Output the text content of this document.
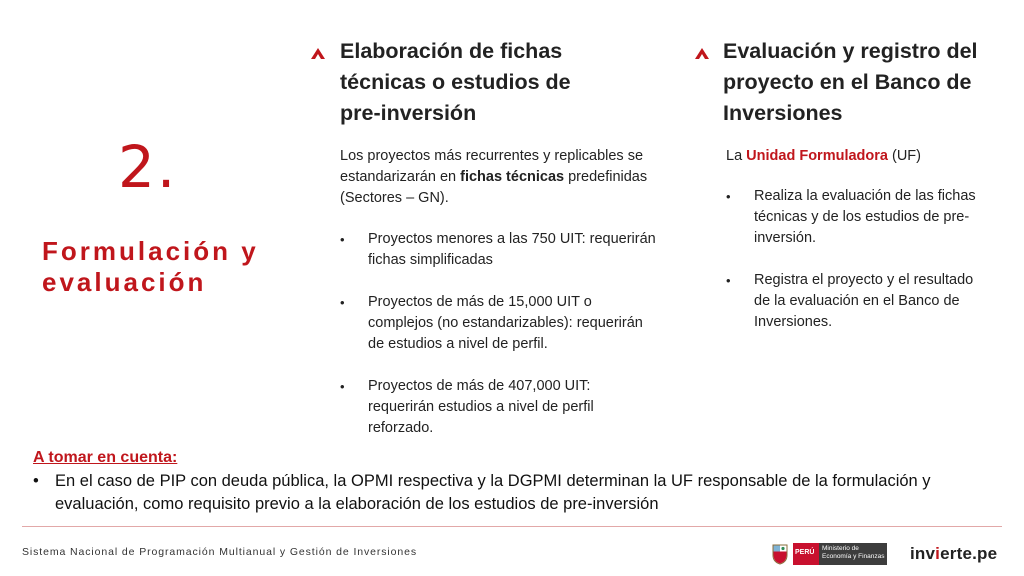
2.
Formulación y evaluación
Elaboración de fichas técnicas o estudios de pre-inversión
Los proyectos más recurrentes y replicables se estandarizarán en fichas técnicas predefinidas (Sectores – GN).
• Proyectos menores a las 750 UIT: requerirán fichas simplificadas
• Proyectos de más de 15,000 UIT o complejos (no estandarizables): requerirán de estudios a nivel de perfil.
• Proyectos de más de 407,000 UIT: requerirán estudios a nivel de perfil reforzado.
Evaluación y registro del proyecto en el Banco de Inversiones
La Unidad Formuladora (UF)
• Realiza la evaluación de las fichas técnicas y de los estudios de pre-inversión.
• Registra el proyecto y el resultado de la evaluación en el Banco de Inversiones.
A tomar en cuenta:
• En el caso de PIP con deuda pública, la OPMI respectiva y la DGPMI determinan la UF responsable de la formulación y evaluación, como requisito previo a la elaboración de los estudios de pre-inversión
Sistema Nacional de Programación Multianual y Gestión de Inversiones	PERÚ
Ministerio de Economía y Finanzas invierte.pe
